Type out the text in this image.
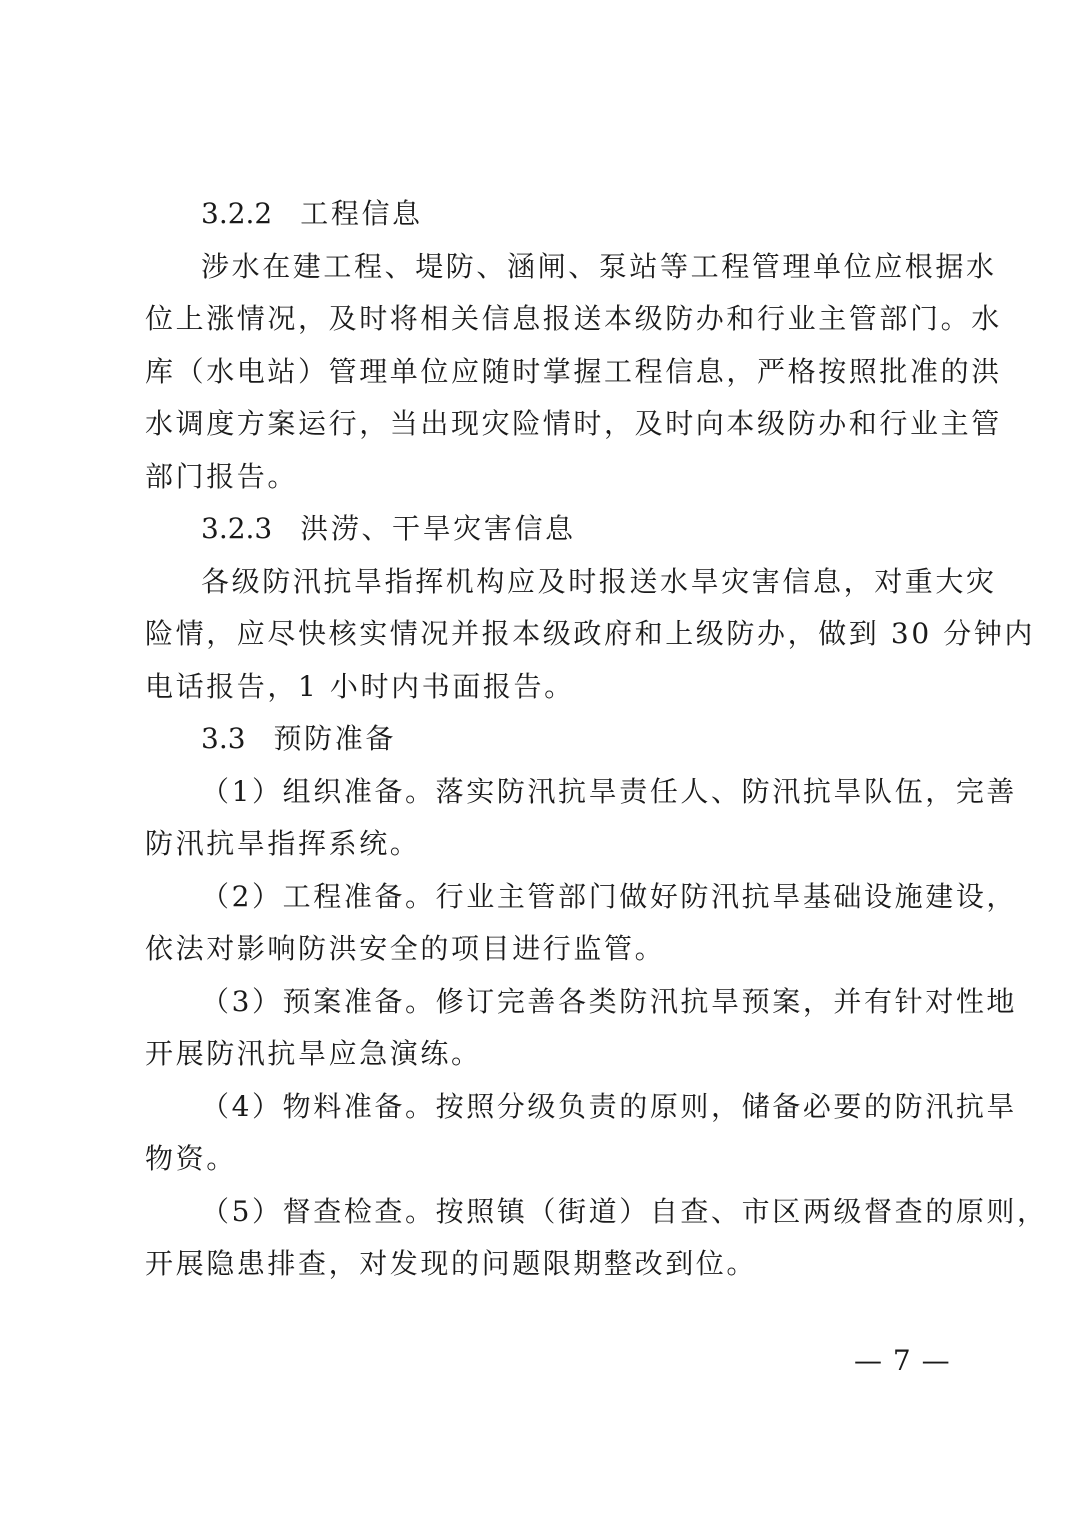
3.2.2 工程信息
涉水在建工程、堤防、涵闸、泵站等工程管理单位应根据水
位上涨情况，及时将相关信息报送本级防办和行业主管部门。水
库（水电站）管理单位应随时掌握工程信息，严格按照批准的洪
水调度方案运行，当出现灾险情时，及时向本级防办和行业主管
部门报告。
3.2.3 洪涝、干旱灾害信息
各级防汛抗旱指挥机构应及时报送水旱灾害信息，对重大灾
险情，应尽快核实情况并报本级政府和上级防办，做到 30 分钟内
电话报告，1 小时内书面报告。
3.3 预防准备
（1）组织准备。落实防汛抗旱责任人、防汛抗旱队伍，完善
防汛抗旱指挥系统。
（2）工程准备。行业主管部门做好防汛抗旱基础设施建设，
依法对影响防洪安全的项目进行监管。
（3）预案准备。修订完善各类防汛抗旱预案，并有针对性地
开展防汛抗旱应急演练。
（4）物料准备。按照分级负责的原则，储备必要的防汛抗旱
物资。
（5）督查检查。按照镇（街道）自查、市区两级督查的原则，
开展隐患排查，对发现的问题限期整改到位。
— 7 —
